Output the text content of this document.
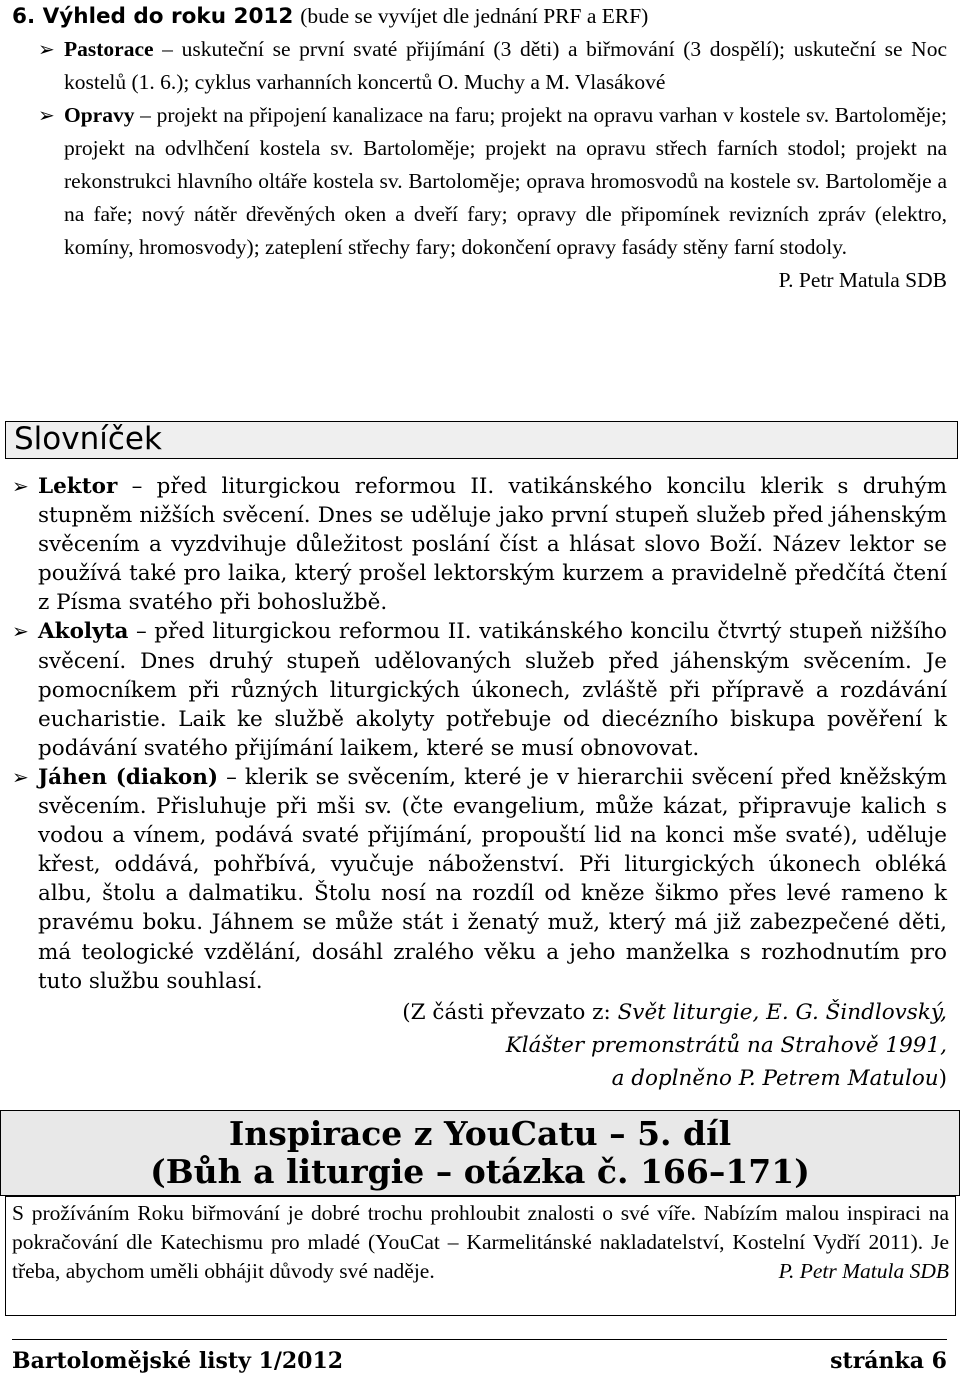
6. Výhled do roku 2012 (bude se vyvíjet dle jednání PRF a ERF)
➢ Pastorace – uskuteční se první svaté přijímání (3 děti) a biřmování (3 dospělí); uskuteční se Noc kostelů (1. 6.); cyklus varhanních koncertů O. Muchy a M. Vlasákové
➢ Opravy – projekt na připojení kanalizace na faru; projekt na opravu varhan v kostele sv. Bartoloměje; projekt na odvlhčení kostela sv. Bartoloměje; projekt na opravu střech farních stodol; projekt na rekonstrukci hlavního oltáře kostela sv. Bartoloměje; oprava hromosvodů na kostele sv. Bartoloměje a na faře; nový nátěr dřevěných oken a dveří fary; opravy dle připomínek revizních zpráv (elektro, komíny, hromosvody); zateplení střechy fary; dokončení opravy fasády stěny farní stodoly.
P. Petr Matula SDB
Slovníček
➢ Lektor – před liturgickou reformou II. vatikánského koncilu klerik s druhým stupněm nižších svěcení. Dnes se uděluje jako první stupeň služeb před jáhenským svěcením a vyzdvihuje důležitost poslání číst a hlásat slovo Boží. Název lektor se používá také pro laika, který prošel lektorským kurzem a pravidelně předčítá čtení z Písma svatého při bohoslužbě.
➢ Akolyta – před liturgickou reformou II. vatikánského koncilu čtvrtý stupeň nižšího svěcení. Dnes druhý stupeň udělovaných služeb před jáhenským svěcením. Je pomocníkem při různých liturgických úkonech, zvláště při přípravě a rozdávání eucharistie. Laik ke službě akolyty potřebuje od diecézního biskupa pověření k podávání svatého přijímání laikem, které se musí obnovovat.
➢ Jáhen (diakon) – klerik se svěcením, které je v hierarchii svěcení před kněžským svěcením. Přisluhuje při mši sv. (čte evangelium, může kázat, připravuje kalich s vodou a vínem, podává svaté přijímání, propouští lid na konci mše svaté), uděluje křest, oddává, pohřbívá, vyučuje náboženství. Při liturgických úkonech obléká albu, štolu a dalmatiku. Štolu nosí na rozdíl od kněze šikmo přes levé rameno k pravému boku. Jáhnem se může stát i ženatý muž, který má již zabezpečené děti, má teologické vzdělání, dosáhl zralého věku a jeho manželka s rozhodnutím pro tuto službu souhlasí.
(Z části převzato z: Svět liturgie, E. G. Šindlovský,
Klášter premonstrátů na Strahově 1991,
a doplněno P. Petrem Matulou)
Inspirace z YouCatu – 5. díl
(Bůh a liturgie – otázka č. 166–171)
S prožíváním Roku biřmování je dobré trochu prohloubit znalosti o své víře. Nabízím malou inspiraci na pokračování dle Katechismu pro mladé (YouCat – Karmelitánské nakladatelství, Kostelní Vydří 2011). Je třeba, abychom uměli obhájit důvody své naděje.	P. Petr Matula SDB
Bartolomějské listy 1/2012	stránka 6
